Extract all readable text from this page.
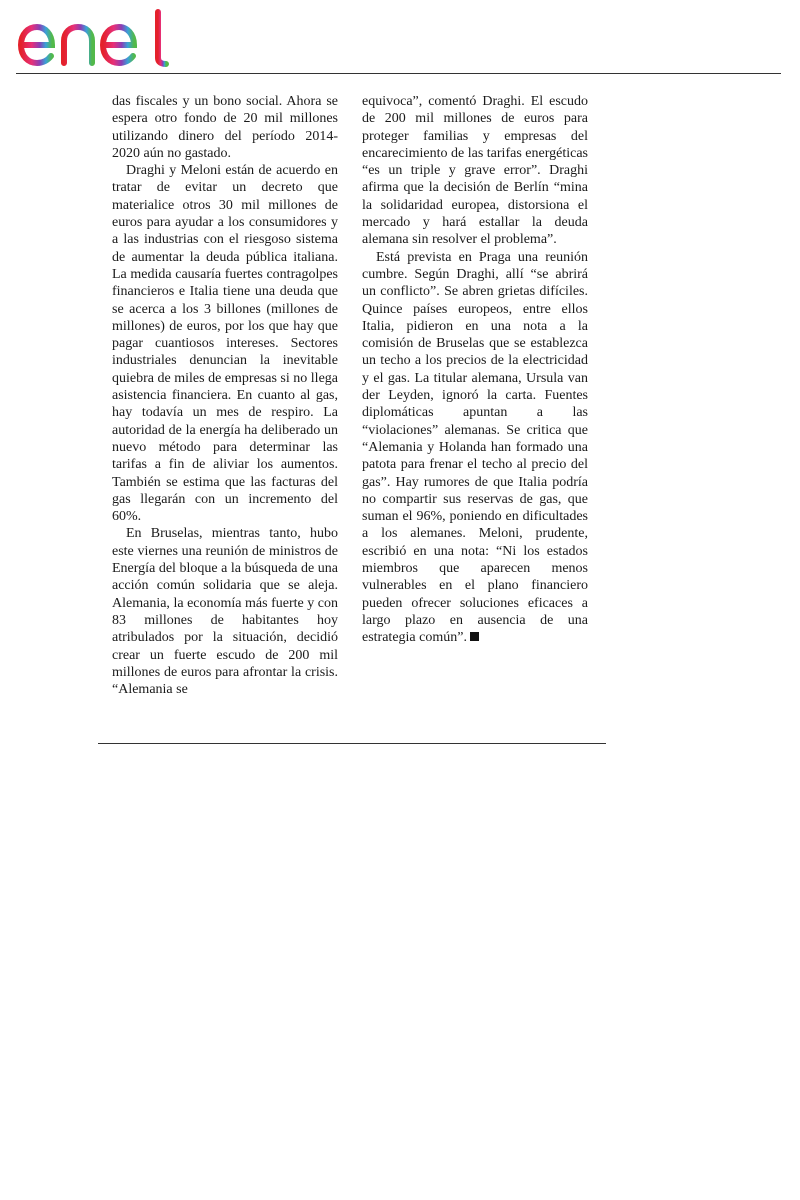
das fiscales y un bono social. Ahora se espera otro fondo de 20 mil millones utilizando dinero del período 2014-2020 aún no gastado.

Draghi y Meloni están de acuerdo en tratar de evitar un decreto que materialice otros 30 mil millones de euros para ayudar a los consumidores y a las industrias con el riesgoso sistema de aumentar la deuda pública italiana. La medida causaría fuertes contragolpes financieros e Italia tiene una deuda que se acerca a los 3 billones (millones de millones) de euros, por los que hay que pagar cuantiosos intereses. Sectores industriales denuncian la inevitable quiebra de miles de empresas si no llega asistencia financiera. En cuanto al gas, hay todavía un mes de respiro. La autoridad de la energía ha deliberado un nuevo método para determinar las tarifas a fin de aliviar los aumentos. También se estima que las facturas del gas llegarán con un incremento del 60%.

En Bruselas, mientras tanto, hubo este viernes una reunión de ministros de Energía del bloque a la búsqueda de una acción común solidaria que se aleja. Alemania, la economía más fuerte y con 83 millones de habitantes hoy atribulados por la situación, decidió crear un fuerte escudo de 200 mil millones de euros para afrontar la crisis. “Alemania se

equivoca”, comentó Draghi. El escudo de 200 mil millones de euros para proteger familias y empresas del encarecimiento de las tarifas energéticas “es un triple y grave error”. Draghi afirma que la decisión de Berlín “mina la solidaridad europea, distorsiona el mercado y hará estallar la deuda alemana sin resolver el problema”.

Está prevista en Praga una reunión cumbre. Según Draghi, allí “se abrirá un conflicto”. Se abren grietas difíciles. Quince países europeos, entre ellos Italia, pidieron en una nota a la comisión de Bruselas que se establezca un techo a los precios de la electricidad y el gas. La titular alemana, Ursula van der Leyden, ignoró la carta. Fuentes diplomáticas apuntan a las “violaciones” alemanas. Se critica que “Alemania y Holanda han formado una patota para frenar el techo al precio del gas”. Hay rumores de que Italia podría no compartir sus reservas de gas, que suman el 96%, poniendo en dificultades a los alemanes. Meloni, prudente, escribió en una nota: “Ni los estados miembros que aparecen menos vulnerables en el plano financiero pueden ofrecer soluciones eficaces a largo plazo en ausencia de una estrategia común”.
